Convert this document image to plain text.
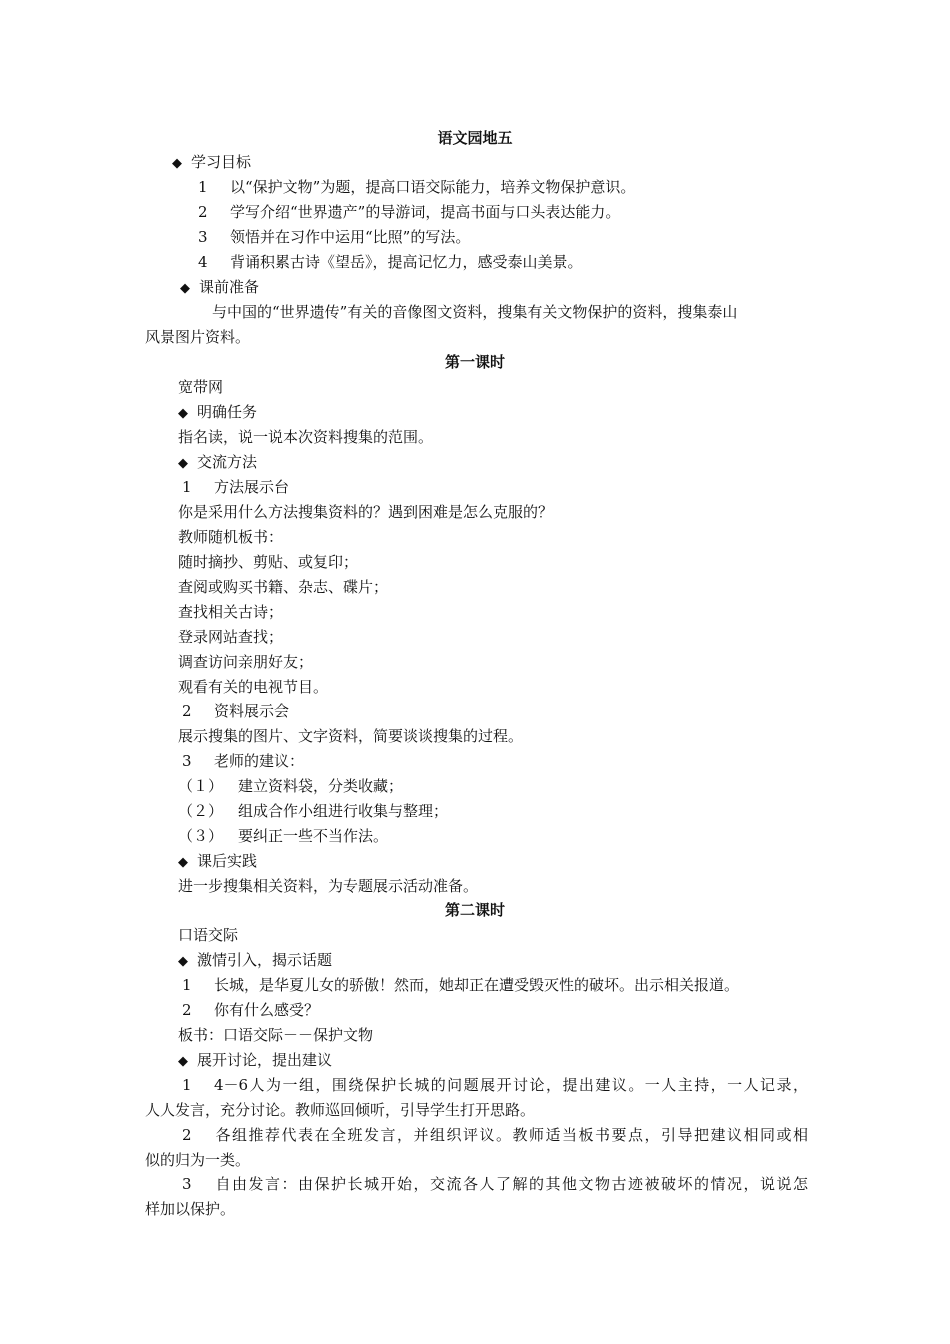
语文园地五
◆ 学习目标
1 以“保护文物”为题，提高口语交际能力，培养文物保护意识。
2 学写介绍“世界遗产”的导游词，提高书面与口头表达能力。
3 领悟并在习作中运用“比照”的写法。
4 背诵积累古诗《望岳》，提高记忆力，感受泰山美景。
◆ 课前准备
与中国的“世界遗传”有关的音像图文资料，搜集有关文物保护的资料，搜集泰山
风景图片资料。
第一课时
宽带网
◆ 明确任务
指名读，说一说本次资料搜集的范围。
◆ 交流方法
1 方法展示台
你是采用什么方法搜集资料的？遇到困难是怎么克服的？
教师随机板书：
随时摘抄、剪贴、或复印；
查阅或购买书籍、杂志、碟片；
查找相关古诗；
登录网站查找；
调查访问亲朋好友；
观看有关的电视节目。
2 资料展示会
展示搜集的图片、文字资料，简要谈谈搜集的过程。
3 老师的建议：
（１） 建立资料袋，分类收藏；
（２） 组成合作小组进行收集与整理；
（３） 要纠正一些不当作法。
◆ 课后实践
进一步搜集相关资料，为专题展示活动准备。
第二课时
口语交际
◆ 激情引入，揭示话题
1 长城，是华夏儿女的骄傲！然而，她却正在遭受毁灭性的破坏。出示相关报道。
2 你有什么感受？
板书：口语交际－－保护文物
◆ 展开讨论，提出建议
1 4－6人为一组，围绕保护长城的问题展开讨论，提出建议。一人主持，一人记录，
人人发言，充分讨论。教师巡回倾听，引导学生打开思路。
2 各组推荐代表在全班发言，并组织评议。教师适当板书要点，引导把建议相同或相
似的归为一类。
3 自由发言：由保护长城开始，交流各人了解的其他文物古迹被破坏的情况，说说怎
样加以保护。
